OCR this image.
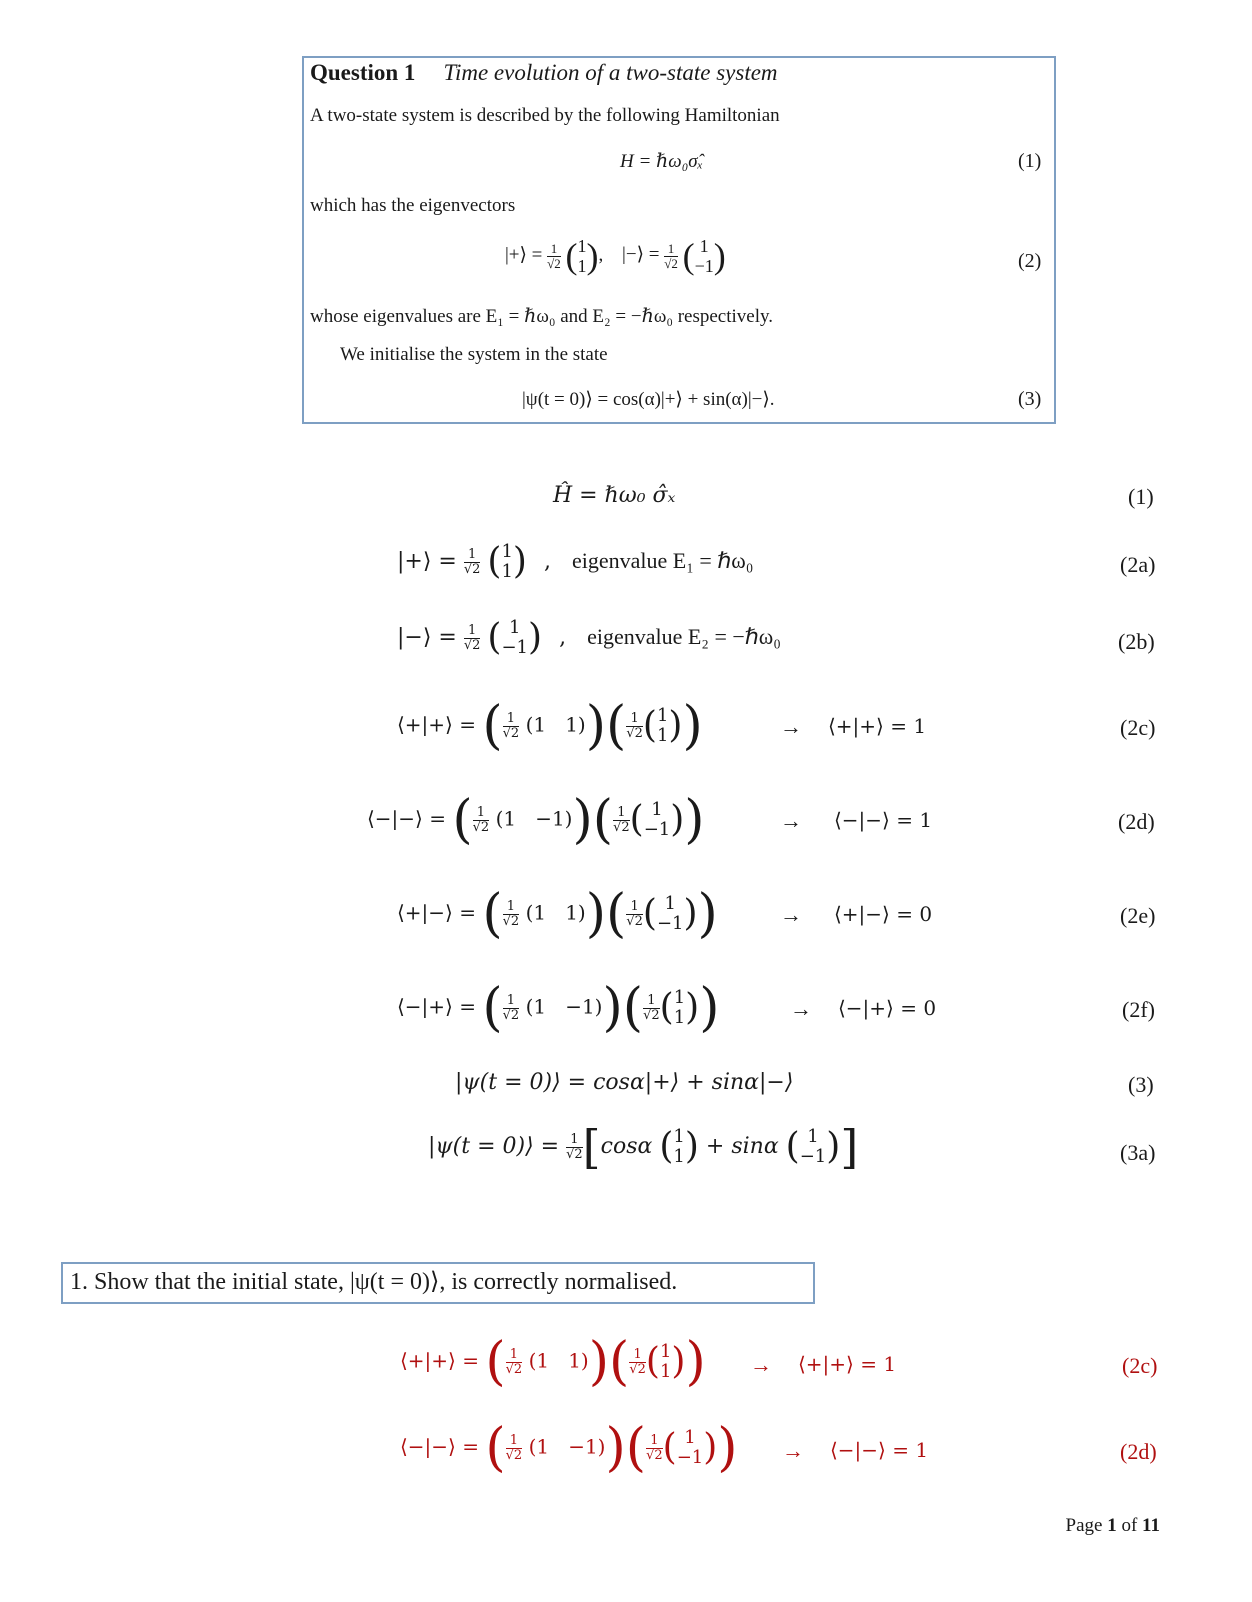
Question 1 Time evolution of a two-state system
A two-state system is described by the following Hamiltonian
H = ℏω₀σ̂ₓ	(1)
which has the eigenvectors
|+⟩ = $\frac{1}{√2} (1$
1), |−⟩ = $\frac{1}{√2}$ ( 1
−1)	(2)
whose eigenvalues are E₁ = ℏω₀ and E₂ = −ℏω₀ respectively.
We initialise the system in the state
|ψ(t = 0)⟩ = cos(α)|+⟩ + sin(α)|−⟩.	(3)
Ĥ = ℏω₀ σ̂ₓ	(1)
|+⟩ = $\frac{1}{√2} (1$
1) , eigenvalue E₁ = ℏω₀	(2a)
|−⟩ = $\frac{1}{√2}$ ( 1
−1) , eigenvalue E₂ = −ℏω₀	(2b)
⟨+|+⟩ = ( $\frac{1}{√2} (1$ $1))( \frac{1}{√2} (1$
1))	→ ⟨+|+⟩ = 1	(2c)
⟨−|−⟩ = ( $\frac{1}{√2} (1 -1))( \frac{1}{√2}$ ( 1
−1))	→ ⟨−|−⟩ = 1	(2d)
⟨+|−⟩ = ( $\frac{1}{√2} (1$ $1))( \frac{1}{√2}$ ( 1
−1))	→ ⟨+|−⟩ = 0	(2e)
⟨−|+⟩ = ( $\frac{1}{√2} (1 -1))( \frac{1}{√2} (1$
1))	→ ⟨−|+⟩ = 0	(2f)
|ψ(t = 0)⟩ = cosα|+⟩ + sinα|−⟩	(3)
|ψ(t = 0)⟩ = $\frac{1}{√2} [\cos\alpha$ (1
1) + sinα ( 1
−1)]	(3a)
1. Show that the initial state, |ψ(t = 0)⟩, is correctly normalised.
⟨+|+⟩ = ( $\frac{1}{√2} (1$ $1))( \frac{1}{√2} (1$
1)) → ⟨+|+⟩ = 1	(2c)
⟨−|−⟩ = ( $\frac{1}{√2} (1 -1))( \frac{1}{√2}$ ( 1
−1)) → ⟨−|−⟩ = 1	(2d)
Page 1 of 11
